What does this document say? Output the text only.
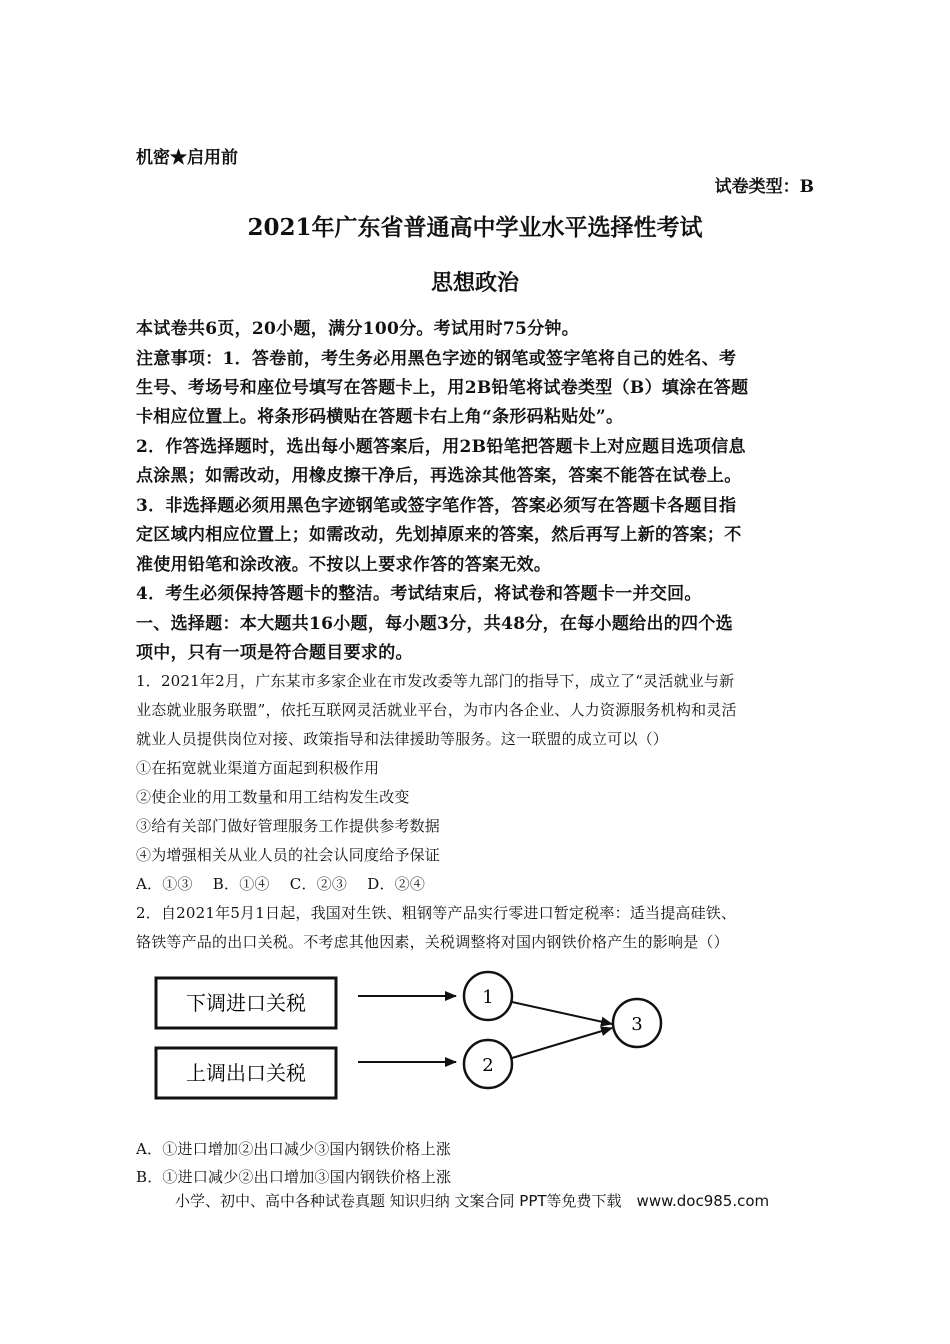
机密★启用前
试卷类型：B
2021年广东省普通高中学业水平选择性考试
思想政治
本试卷共6页，20小题，满分100分。考试用时75分钟。
注意事项：1．答卷前，考生务必用黑色字迹的钢笔或签字笔将自己的姓名、考
生号、考场号和座位号填写在答题卡上，用2B铅笔将试卷类型（B）填涂在答题
卡相应位置上。将条形码横贴在答题卡右上角“条形码粘贴处”。
2．作答选择题时，选出每小题答案后，用2B铅笔把答题卡上对应题目选项信息
点涂黑；如需改动，用橡皮擦干净后，再选涂其他答案，答案不能答在试卷上。
3．非选择题必须用黑色字迹钢笔或签字笔作答，答案必须写在答题卡各题目指
定区域内相应位置上；如需改动，先划掉原来的答案，然后再写上新的答案；不
准使用铅笔和涂改液。不按以上要求作答的答案无效。
4．考生必须保持答题卡的整洁。考试结束后，将试卷和答题卡一并交回。
一、选择题：本大题共16小题，每小题3分，共48分，在每小题给出的四个选
项中，只有一项是符合题目要求的。
1．2021年2月，广东某市多家企业在市发改委等九部门的指导下，成立了“灵活就业与新
业态就业服务联盟”，依托互联网灵活就业平台，为市内各企业、人力资源服务机构和灵活
就业人员提供岗位对接、政策指导和法律援助等服务。这一联盟的成立可以（）
①在拓宽就业渠道方面起到积极作用
②使企业的用工数量和用工结构发生改变
③给有关部门做好管理服务工作提供参考数据
④为增强相关从业人员的社会认同度给予保证
A．①③　 B．①④　 C．②③　 D．②④
2．自2021年5月1日起，我国对生铁、粗钢等产品实行零进口暂定税率：适当提高硅铁、
铬铁等产品的出口关税。不考虑其他因素，关税调整将对国内钢铁价格产生的影响是（）
下调进口关税
上调出口关税
1
2
3
A．①进口增加②出口减少③国内钢铁价格上涨
B．①进口减少②出口增加③国内钢铁价格上涨
小学、初中、高中各种试卷真题 知识归纳 文案合同 PPT等免费下载　www.doc985.com
